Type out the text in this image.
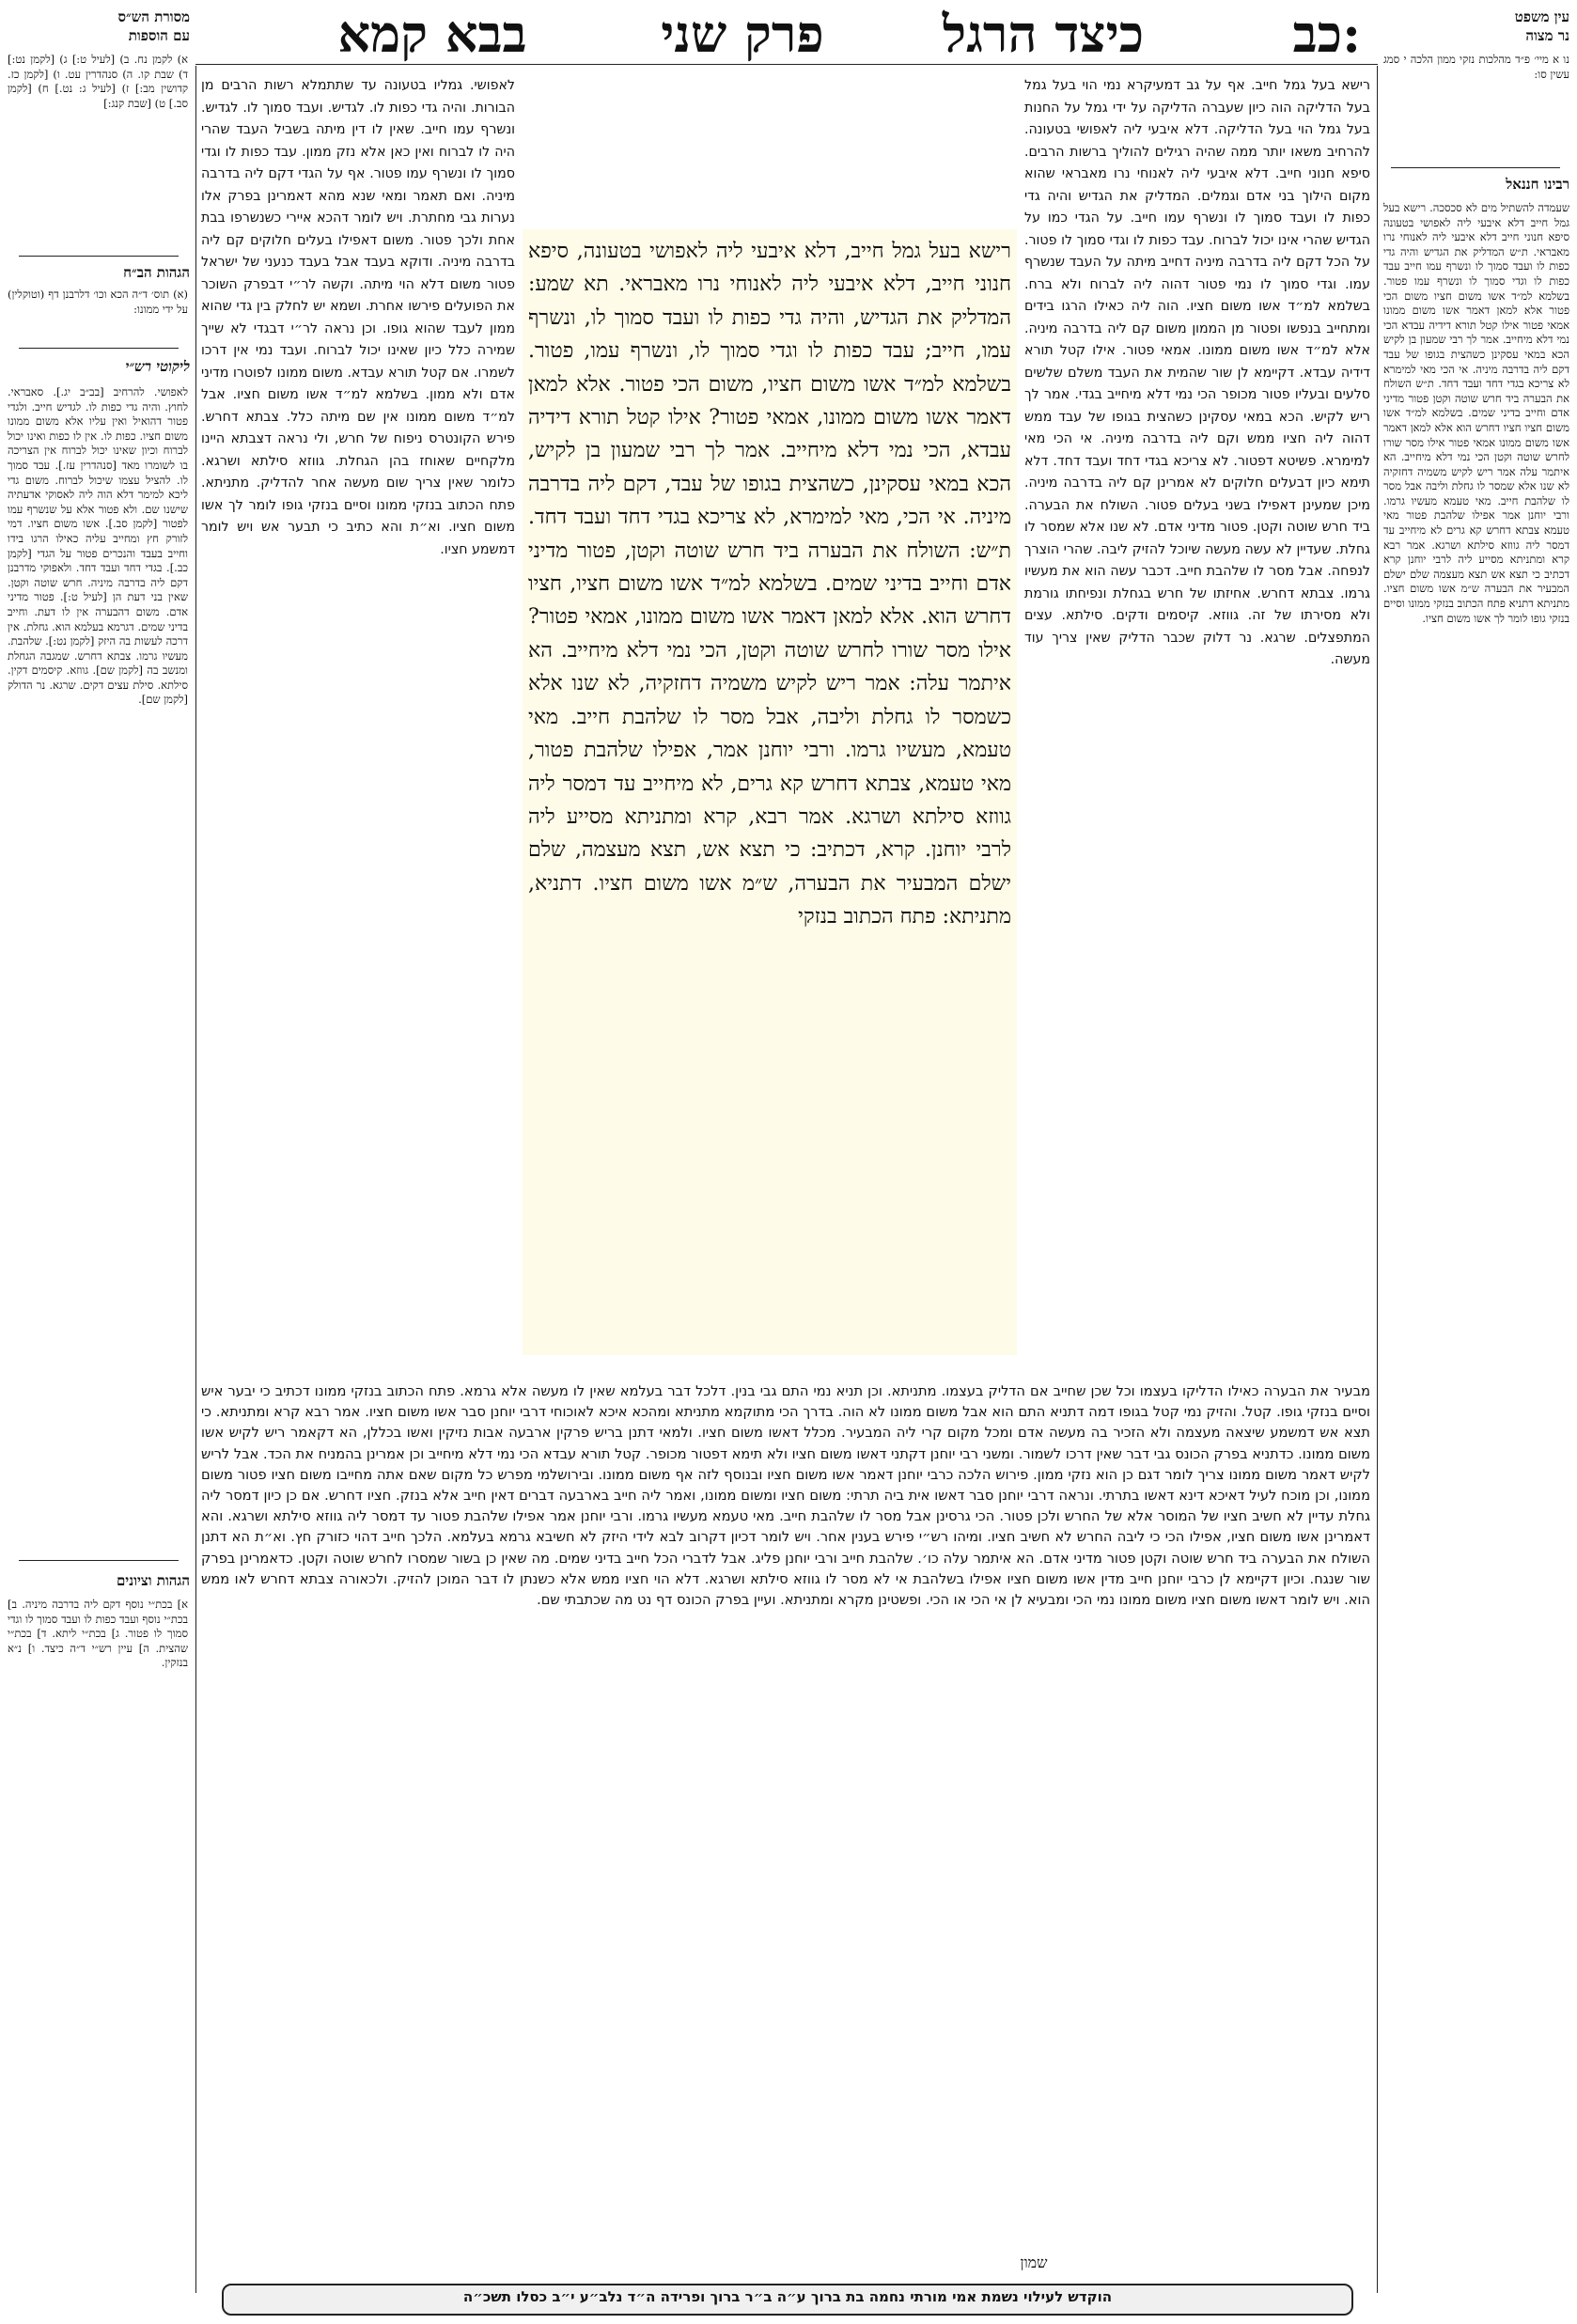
כב:
כיצד הרגל
פרק שני
בבא קמא	עין משפט
נר מצוה
נו א מיי׳ פ״ד מהלכות נזקי ממון הלכה י סמג עשין סו:
רבינו חננאל
שעמדה להשתיל מים לא סכסכה. רישא בעל גמל חייב דלא איבעי ליה לאפושי בטעונה סיפא חנוני חייב דלא איבעי ליה לאנוחי נרו מאבראי. ת״ש המדליק את הגדיש והיה גדי כפות לו ועבד סמוך לו ונשרף עמו חייב עבד כפות לו וגדי סמוך לו ונשרף עמו פטור. בשלמא למ״ד אשו משום חציו משום הכי פטור אלא למאן דאמר אשו משום ממונו אמאי פטור אילו קטל תורא דידיה עבדא הכי נמי דלא מיחייב. אמר לך רבי שמעון בן לקיש הכא במאי עסקינן כשהצית בגופו של עבד דקם ליה בדרבה מיניה. אי הכי מאי למימרא לא צריכא בגדי דחד ועבד דחד. ת״ש השולח את הבערה ביד חרש שוטה וקטן פטור מדיני אדם וחייב בדיני שמים. בשלמא למ״ד אשו משום חציו חציו דחרש הוא אלא למאן דאמר אשו משום ממונו אמאי פטור אילו מסר שורו לחרש שוטה וקטן הכי נמי דלא מיחייב. הא איתמר עלה אמר ריש לקיש משמיה דחזקיה לא שנו אלא שמסר לו גחלת וליבה אבל מסר לו שלהבת חייב. מאי טעמא מעשיו גרמו. ורבי יוחנן אמר אפילו שלהבת פטור מאי טעמא צבתא דחרש קא גרים לא מיחייב עד דמסר ליה גווזא סילתא ושרגא. אמר רבא קרא ומתניתא מסייע ליה לרבי יוחנן קרא דכתיב כי תצא אש תצא מעצמה שלם ישלם המבעיר את הבערה ש״מ אשו משום חציו. מתניתא דתניא פתח הכתוב בנזקי ממונו וסיים בנזקי גופו לומר לך אשו משום חציו.
מסורת הש״ס
עם הוספות
א) לקמן נח. ב) [לעיל ט:] ג) [לקמן נט:] ד) שבת קו. ה) סנהדרין עט. ו) [לקמן כז. קדושין מב:] ז) [לעיל ג: נט.] ח) [לקמן סב.] ט) [שבת קנג:]
הגהות הב״ח
(א) תוס׳ ד״ה הכא וכו׳ דלרבנן דף (וטוקלין) על ידי ממונו:
ליקוטי רש״י
לאפושי. להרחיב [בב״ב יג.]. סאבראי. לחוץ. והיה גדי כפות לו. לגדיש חייב. ולגדי פטור דהואיל ואין עליו אלא משום ממונו משום חציו. כפות לו. אין לו כפות ואינו יכול לברוח וכיון שאינו יכול לברוח אין הצריכה בו לשומרו מאד [סנהדרין עז.]. עבד סמוך לו. להציל עצמו שיכול לברוח. משום גדי ליכא למימר דלא הוה ליה לאסוקי אדעתיה שישנו שם. ולא פטור אלא על שנשרף עמו לפטור [לקמן סב.]. אשו משום חציו. דמי לזורק חץ ומחייב עליה כאילו הרגו בידו וחייב בעבד והנכרים פטור על הגדי [לקמן כב.]. בגדי דחד ועבד דחד. ולאפוקי מדרבנן דקם ליה בדרבה מיניה. חרש שוטה וקטן. שאין בני דעת הן [לעיל ט:]. פטור מדיני אדם. משום דהבערה אין לו דעת. וחייב בדיני שמים. דגרמא בעלמא הוא. גחלת. אין דרכה לעשות בה היזק [לקמן נט:]. שלהבת. מעשיו גרמו. צבתא דחרש. שמגבה הגחלת ומנשב בה [לקמן שם]. גווזא. קיסמים דקין. סילתא. סילת עצים דקים. שרגא. נר הדולק [לקמן שם].
הגהות וציונים
א] בכת״י נוסף דקם ליה בדרבה מיניה. ב] בכת״י נוסף ועבד כפות לו ועבד סמוך לו וגדי סמוך לו פטור. ג] בכת״י ליתא. ד] בכת״י שהצית. ה] עיין רש״י ד״ה כיצד. ו] נ״א בנזקין.
רישא בעל גמל חייב. אף על גב דמעיקרא נמי הוי בעל גמל בעל הדליקה הוה כיון שעברה הדליקה על ידי גמל על החנות בעל גמל הוי בעל הדליקה. דלא איבעי ליה לאפושי בטעונה. להרחיב משאו יותר ממה שהיה רגילים להוליך ברשות הרבים. סיפא חנוני חייב. דלא איבעי ליה לאנוחי נרו מאבראי שהוא מקום הילוך בני אדם וגמלים. המדליק את הגדיש והיה גדי כפות לו ועבד סמוך לו ונשרף עמו חייב. על הגדי כמו על הגדיש שהרי אינו יכול לברוח. עבד כפות לו וגדי סמוך לו פטור. על הכל דקם ליה בדרבה מיניה דחייב מיתה על העבד שנשרף עמו. וגדי סמוך לו נמי פטור דהוה ליה לברוח ולא ברח. בשלמא למ״ד אשו משום חציו. הוה ליה כאילו הרגו בידים ומתחייב בנפשו ופטור מן הממון משום קם ליה בדרבה מיניה. אלא למ״ד אשו משום ממונו. אמאי פטור. אילו קטל תורא דידיה עבדא. דקיימא לן שור שהמית את העבד משלם שלשים סלעים ובעליו פטור מכופר הכי נמי דלא מיחייב בגדי. אמר לך ריש לקיש. הכא במאי עסקינן כשהצית בגופו של עבד ממש דהוה ליה חציו ממש וקם ליה בדרבה מיניה. אי הכי מאי למימרא. פשיטא דפטור. לא צריכא בגדי דחד ועבד דחד. דלא תימא כיון דבעלים חלוקים לא אמרינן קם ליה בדרבה מיניה. מיכן שמעינן דאפילו בשני בעלים פטור. השולח את הבערה. ביד חרש שוטה וקטן. פטור מדיני אדם. לא שנו אלא שמסר לו גחלת. שעדיין לא עשה מעשה שיוכל להזיק ליבה. שהרי הוצרך לנפחה. אבל מסר לו שלהבת חייב. דכבר עשה הוא את מעשיו גרמו. צבתא דחרש. אחיזתו של חרש בגחלת ונפיחתו גורמת ולא מסירתו של זה. גווזא. קיסמים ודקים. סילתא. עצים המתפצלים. שרגא. נר דלוק שכבר הדליק שאין צריך עוד מעשה.
רישא בעל גמל חייב, דלא איבעי ליה לאפושי בטעונה, סיפא חנוני חייב, דלא איבעי ליה לאנוחי נרו מאבראי. תא שמע: המדליק את הגדיש, והיה גדי כפות לו ועבד סמוך לו, ונשרף עמו, חייב; עבד כפות לו וגדי סמוך לו, ונשרף עמו, פטור. בשלמא למ״ד אשו משום חציו, משום הכי פטור. אלא למאן דאמר אשו משום ממונו, אמאי פטור? אילו קטל תורא דידיה עבדא, הכי נמי דלא מיחייב. אמר לך רבי שמעון בן לקיש, הכא במאי עסקינן, כשהצית בגופו של עבד, דקם ליה בדרבה מיניה. אי הכי, מאי למימרא, לא צריכא בגדי דחד ועבד דחד. ת״ש: השולח את הבערה ביד חרש שוטה וקטן, פטור מדיני אדם וחייב בדיני שמים. בשלמא למ״ד אשו משום חציו, חציו דחרש הוא. אלא למאן דאמר אשו משום ממונו, אמאי פטור? אילו מסר שורו לחרש שוטה וקטן, הכי נמי דלא מיחייב. הא איתמר עלה: אמר ריש לקיש משמיה דחזקיה, לא שנו אלא כשמסר לו גחלת וליבה, אבל מסר לו שלהבת חייב. מאי טעמא, מעשיו גרמו. ורבי יוחנן אמר, אפילו שלהבת פטור, מאי טעמא, צבתא דחרש קא גרים, לא מיחייב עד דמסר ליה גווזא סילתא ושרגא. אמר רבא, קרא ומתניתא מסייע ליה לרבי יוחנן. קרא, דכתיב: כי תצא אש, תצא מעצמה, שלם ישלם המבעיר את הבערה, ש״מ אשו משום חציו. דתניא, מתניתא: פתח הכתוב בנזקי
לאפושי. גמליו בטעונה עד שתתמלא רשות הרבים מן הבורות. והיה גדי כפות לו. לגדיש. ועבד סמוך לו. לגדיש. ונשרף עמו חייב. שאין לו דין מיתה בשביל העבד שהרי היה לו לברוח ואין כאן אלא נזק ממון. עבד כפות לו וגדי סמוך לו ונשרף עמו פטור. אף על הגדי דקם ליה בדרבה מיניה. ואם תאמר ומאי שנא מהא דאמרינן בפרק אלו נערות גבי מחתרת. ויש לומר דהכא איירי כשנשרפו בבת אחת ולכך פטור. משום דאפילו בעלים חלוקים קם ליה בדרבה מיניה. ודוקא בעבד אבל בעבד כנעני של ישראל פטור משום דלא הוי מיתה. וקשה לר״י דבפרק השוכר את הפועלים פירשו אחרת. ושמא יש לחלק בין גדי שהוא ממון לעבד שהוא גופו. וכן נראה לר״י דבגדי לא שייך שמירה כלל כיון שאינו יכול לברוח. ועבד נמי אין דרכו לשמרו. אם קטל תורא עבדא. משום ממונו לפוטרו מדיני אדם ולא ממון. בשלמא למ״ד אשו משום חציו. אבל למ״ד משום ממונו אין שם מיתה כלל. צבתא דחרש. פירש הקונטרס ניפוח של חרש, ולי נראה דצבתא היינו מלקחיים שאוחז בהן הגחלת. גווזא סילתא ושרגא. כלומר שאין צריך שום מעשה אחר להדליק. מתניתא. פתח הכתוב בנזקי ממונו וסיים בנזקי גופו לומר לך אשו משום חציו. וא״ת והא כתיב כי תבער אש ויש לומר דמשמע חציו.
מבעיר את הבערה כאילו הדליקו בעצמו וכל שכן שחייב אם הדליק בעצמו. מתניתא. וכן תניא נמי התם גבי בנין. דלכל דבר בעלמא שאין לו מעשה אלא גרמא. פתח הכתוב בנזקי ממונו דכתיב כי יבער איש וסיים בנזקי גופו. קטל. והזיק נמי קטל בגופו דמה דתניא התם הוא אבל משום ממונו לא הוה. בדרך הכי מתוקמא מתניתא ומהכא איכא לאוכוחי דרבי יוחנן סבר אשו משום חציו. אמר רבא קרא ומתניתא. כי תצא אש דמשמע שיצאה מעצמה ולא הזכיר בה מעשה אדם ומכל מקום קרי ליה המבעיר. מכלל דאשו משום חציו. ולמאי דתנן בריש פרקין ארבעה אבות נזיקין ואשו בכללן, הא דקאמר ריש לקיש אשו משום ממונו. כדתניא בפרק הכונס גבי דבר שאין דרכו לשמור. ומשני רבי יוחנן דקתני דאשו משום חציו ולא תימא דפטור מכופר. קטל תורא עבדא הכי נמי דלא מיחייב וכן אמרינן בהמניח את הכד. אבל לריש לקיש דאמר משום ממונו צריך לומר דגם כן הוא נזקי ממון. פירוש הלכה כרבי יוחנן דאמר אשו משום חציו ובנוסף לזה אף משום ממונו. ובירושלמי מפרש כל מקום שאם אתה מחייבו משום חציו פטור משום ממונו, וכן מוכח לעיל דאיכא דינא דאשו בתרתי. ונראה דרבי יוחנן סבר דאשו אית ביה תרתי: משום חציו ומשום ממונו, ואמר ליה חייב בארבעה דברים דאין חייב אלא בנזק. חציו דחרש. אם כן כיון דמסר ליה גחלת עדיין לא חשיב חציו של המוסר אלא של החרש ולכן פטור. הכי גרסינן אבל מסר לו שלהבת חייב. מאי טעמא מעשיו גרמו. ורבי יוחנן אמר אפילו שלהבת פטור עד דמסר ליה גווזא סילתא ושרגא. והא דאמרינן אשו משום חציו, אפילו הכי כי ליבה החרש לא חשיב חציו. ומיהו רש״י פירש בענין אחר. ויש לומר דכיון דקרוב לבא לידי היזק לא חשיבא גרמא בעלמא. הלכך חייב דהוי כזורק חץ. וא״ת הא דתנן השולח את הבערה ביד חרש שוטה וקטן פטור מדיני אדם. הא איתמר עלה כו׳. שלהבת חייב ורבי יוחנן פליג. אבל לדברי הכל חייב בדיני שמים. מה שאין כן בשור שמסרו לחרש שוטה וקטן. כדאמרינן בפרק שור שנגח. וכיון דקיימא לן כרבי יוחנן חייב מדין אשו משום חציו אפילו בשלהבת אי לא מסר לו גווזא סילתא ושרגא. דלא הוי חציו ממש אלא כשנתן לו דבר המוכן להזיק. ולכאורה צבתא דחרש לאו ממש הוא. ויש לומר דאשו משום חציו משום ממונו נמי הכי ומבעיא לן אי הכי או הכי. ופשטינן מקרא ומתניתא. ועיין בפרק הכונס דף נט מה שכתבתי שם.
שמון
הוקדש לעילוי נשמת אמי מורתי נחמה בת ברוך ע״ה ב״ר ברוך ופרידה ה״ד נלב״ע י״ב כסלו תשכ״ה
